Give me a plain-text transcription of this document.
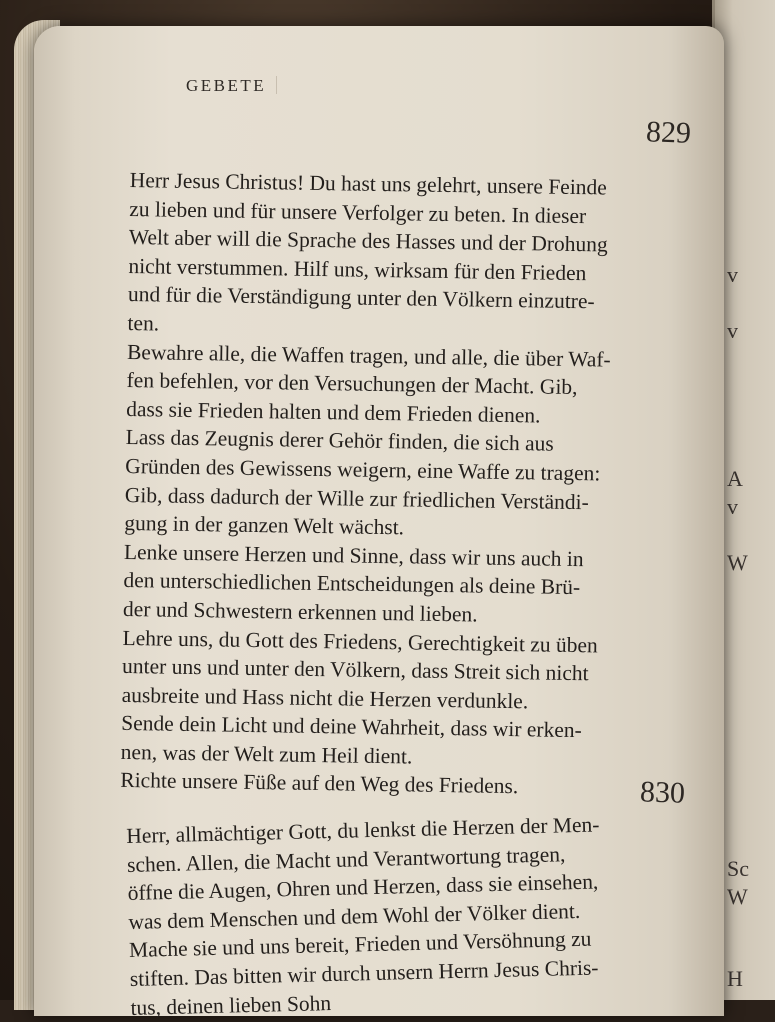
v
v
A
v
W
Sc
W
H
GEBETE
829
Herr Jesus Christus! Du hast uns gelehrt, unsere Feinde
zu lieben und für unsere Verfolger zu beten. In dieser
Welt aber will die Sprache des Hasses und der Drohung
nicht verstummen. Hilf uns, wirksam für den Frieden
und für die Verständigung unter den Völkern einzutre-
ten.
Bewahre alle, die Waffen tragen, und alle, die über Waf-
fen befehlen, vor den Versuchungen der Macht. Gib,
dass sie Frieden halten und dem Frieden dienen.
Lass das Zeugnis derer Gehör finden, die sich aus
Gründen des Gewissens weigern, eine Waffe zu tragen:
Gib, dass dadurch der Wille zur friedlichen Verständi-
gung in der ganzen Welt wächst.
Lenke unsere Herzen und Sinne, dass wir uns auch in
den unterschiedlichen Entscheidungen als deine Brü-
der und Schwestern erkennen und lieben.
Lehre uns, du Gott des Friedens, Gerechtigkeit zu üben
unter uns und unter den Völkern, dass Streit sich nicht
ausbreite und Hass nicht die Herzen verdunkle.
Sende dein Licht und deine Wahrheit, dass wir erken-
nen, was der Welt zum Heil dient.
Richte unsere Füße auf den Weg des Friedens.	830
Herr, allmächtiger Gott, du lenkst die Herzen der Men-
schen. Allen, die Macht und Verantwortung tragen,
öffne die Augen, Ohren und Herzen, dass sie einsehen,
was dem Menschen und dem Wohl der Völker dient.
Mache sie und uns bereit, Frieden und Versöhnung zu
stiften. Das bitten wir durch unsern Herrn Jesus Chris-
tus, deinen lieben Sohn
